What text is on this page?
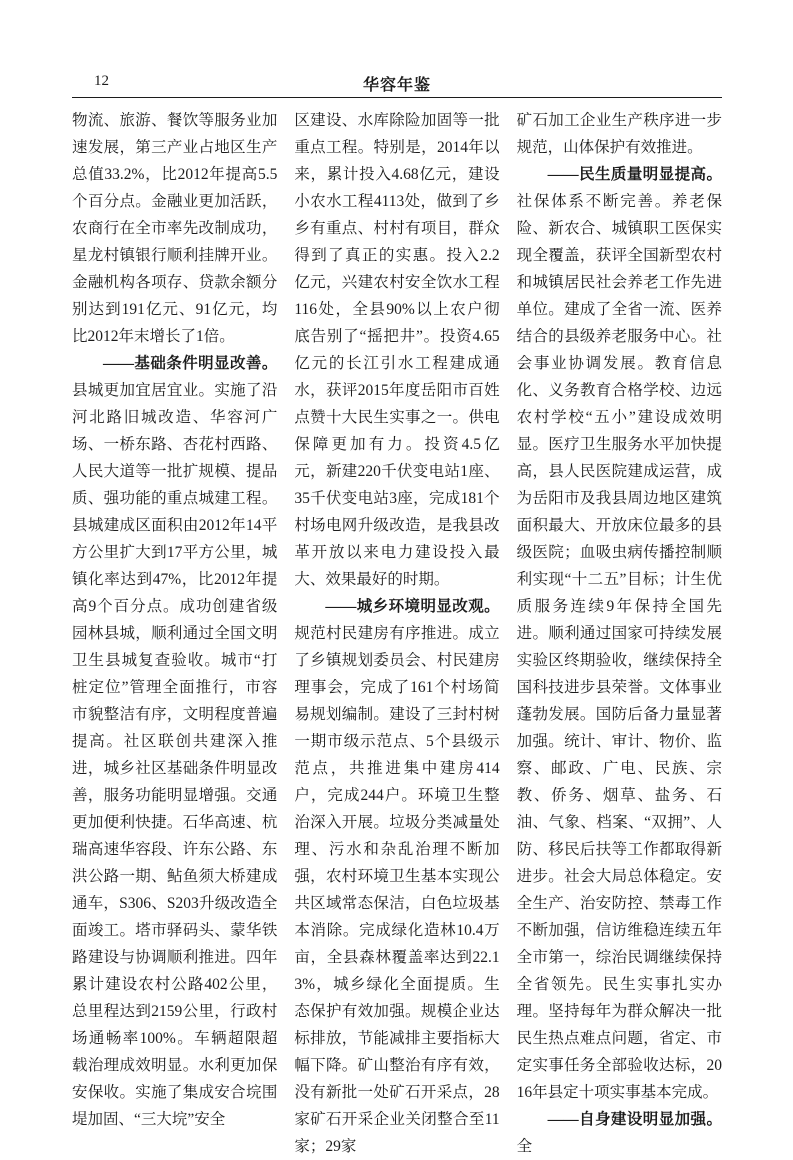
12	华容年鉴

物流、旅游、餐饮等服务业加速发展，第三产业占地区生产总值33.2%，比2012年提高5.5个百分点。金融业更加活跃，农商行在全市率先改制成功，星龙村镇银行顺利挂牌开业。金融机构各项存、贷款余额分别达到191亿元、91亿元，均比2012年末增长了1倍。

——基础条件明显改善。县城更加宜居宜业。实施了沿河北路旧城改造、华容河广场、一桥东路、杏花村西路、人民大道等一批扩规模、提品质、强功能的重点城建工程。县城建成区面积由2012年14平方公里扩大到17平方公里，城镇化率达到47%，比2012年提高9个百分点。成功创建省级园林县城，顺利通过全国文明卫生县城复查验收。城市“打桩定位”管理全面推行，市容市貌整洁有序，文明程度普遍提高。社区联创共建深入推进，城乡社区基础条件明显改善，服务功能明显增强。交通更加便利快捷。石华高速、杭瑞高速华容段、许东公路、东洪公路一期、鲇鱼须大桥建成通车，S306、S203升级改造全面竣工。塔市驿码头、蒙华铁路建设与协调顺利推进。四年累计建设农村公路402公里，总里程达到2159公里，行政村场通畅率100%。车辆超限超载治理成效明显。水利更加保安保收。实施了集成安合垸围堤加固、“三大垸”安全

区建设、水库除险加固等一批重点工程。特别是，2014年以来，累计投入4.68亿元，建设小农水工程4113处，做到了乡乡有重点、村村有项目，群众得到了真正的实惠。投入2.2亿元，兴建农村安全饮水工程116处，全县90%以上农户彻底告别了“摇把井”。投资4.65亿元的长江引水工程建成通水，获评2015年度岳阳市百姓点赞十大民生实事之一。供电保障更加有力。投资4.5亿元，新建220千伏变电站1座、35千伏变电站3座，完成181个村场电网升级改造，是我县改革开放以来电力建设投入最大、效果最好的时期。

——城乡环境明显改观。规范村民建房有序推进。成立了乡镇规划委员会、村民建房理事会，完成了161个村场简易规划编制。建设了三封村树一期市级示范点、5个县级示范点，共推进集中建房414户，完成244户。环境卫生整治深入开展。垃圾分类减量处理、污水和杂乱治理不断加强，农村环境卫生基本实现公共区域常态保洁，白色垃圾基本消除。完成绿化造林10.4万亩，全县森林覆盖率达到22.13%，城乡绿化全面提质。生态保护有效加强。规模企业达标排放，节能减排主要指标大幅下降。矿山整治有序有效，没有新批一处矿石开采点，28家矿石开采企业关闭整合至11家；29家

矿石加工企业生产秩序进一步规范，山体保护有效推进。

——民生质量明显提高。社保体系不断完善。养老保险、新农合、城镇职工医保实现全覆盖，获评全国新型农村和城镇居民社会养老工作先进单位。建成了全省一流、医养结合的县级养老服务中心。社会事业协调发展。教育信息化、义务教育合格学校、边远农村学校“五小”建设成效明显。医疗卫生服务水平加快提高，县人民医院建成运营，成为岳阳市及我县周边地区建筑面积最大、开放床位最多的县级医院；血吸虫病传播控制顺利实现“十二五”目标；计生优质服务连续9年保持全国先进。顺利通过国家可持续发展实验区终期验收，继续保持全国科技进步县荣誉。文体事业蓬勃发展。国防后备力量显著加强。统计、审计、物价、监察、邮政、广电、民族、宗教、侨务、烟草、盐务、石油、气象、档案、“双拥”、人防、移民后扶等工作都取得新进步。社会大局总体稳定。安全生产、治安防控、禁毒工作不断加强，信访维稳连续五年全市第一，综治民调继续保持全省领先。民生实事扎实办理。坚持每年为群众解决一批民生热点难点问题，省定、市定实事任务全部验收达标，2016年县定十项实事基本完成。

——自身建设明显加强。全
